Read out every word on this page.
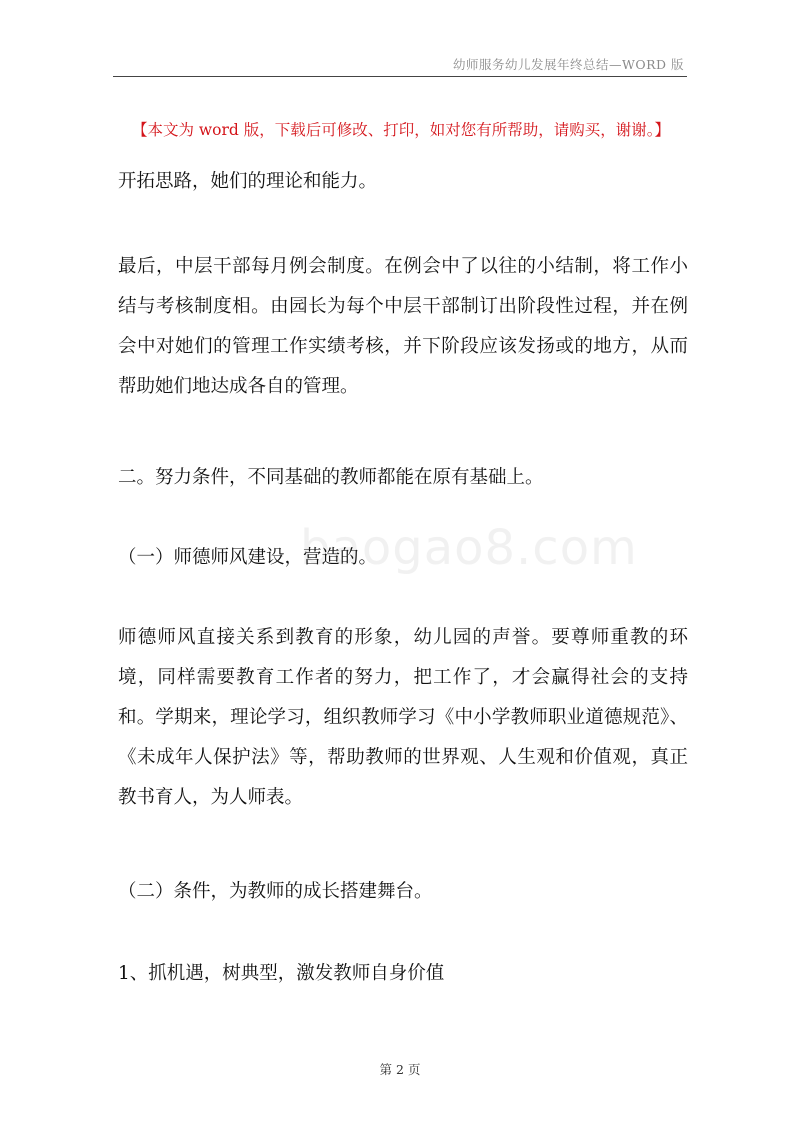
幼师服务幼儿发展年终总结—WORD 版
【本文为 word 版，下载后可修改、打印，如对您有所帮助，请购买，谢谢。】
baogao8.com

开拓思路，她们的理论和能力。

最后，中层干部每月例会制度。在例会中了以往的小结制，将工作小结与考核制度相。由园长为每个中层干部制订出阶段性过程，并在例会中对她们的管理工作实绩考核，并下阶段应该发扬或的地方，从而帮助她们地达成各自的管理。

二。努力条件，不同基础的教师都能在原有基础上。

（一）师德师风建设，营造的。

师德师风直接关系到教育的形象，幼儿园的声誉。要尊师重教的环境，同样需要教育工作者的努力，把工作了，才会赢得社会的支持和。学期来，理论学习，组织教师学习《中小学教师职业道德规范》、《未成年人保护法》等，帮助教师的世界观、人生观和价值观，真正教书育人，为人师表。

（二）条件，为教师的成长搭建舞台。

1、抓机遇，树典型，激发教师自身价值

第 2 页
